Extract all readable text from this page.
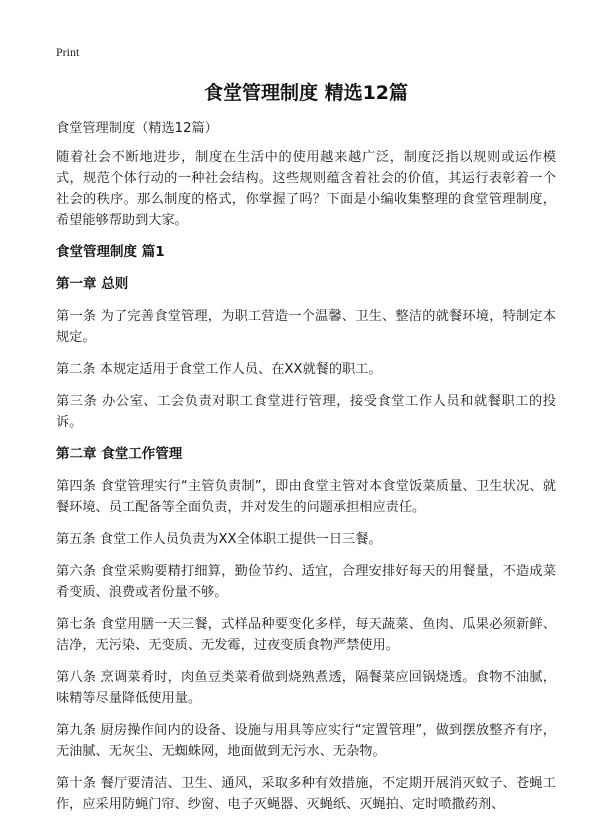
Print
食堂管理制度 精选12篇

食堂管理制度（精选12篇）

随着社会不断地进步，制度在生活中的使用越来越广泛，制度泛指以规则或运作模式，规范个体行动的一种社会结构。这些规则蕴含着社会的价值，其运行表彰着一个社会的秩序。那么制度的格式，你掌握了吗？下面是小编收集整理的食堂管理制度，希望能够帮助到大家。

食堂管理制度 篇1
第一章 总则

第一条 为了完善食堂管理，为职工营造一个温馨、卫生、整洁的就餐环境，特制定本规定。

第二条 本规定适用于食堂工作人员、在XX就餐的职工。

第三条 办公室、工会负责对职工食堂进行管理，接受食堂工作人员和就餐职工的投诉。

第二章 食堂工作管理

第四条 食堂管理实行“主管负责制”，即由食堂主管对本食堂饭菜质量、卫生状况、就餐环境、员工配备等全面负责，并对发生的问题承担相应责任。

第五条 食堂工作人员负责为XX全体职工提供一日三餐。

第六条 食堂采购要精打细算，勤俭节约、适宜，合理安排好每天的用餐量，不造成菜肴变质、浪费或者份量不够。

第七条 食堂用膳一天三餐，式样品种要变化多样，每天蔬菜、鱼肉、瓜果必须新鲜、洁净，无污染、无变质、无发霉，过夜变质食物严禁使用。

第八条 烹调菜肴时，肉鱼豆类菜肴做到烧熟煮透，隔餐菜应回锅烧透。食物不油腻，味精等尽量降低使用量。

第九条 厨房操作间内的设备、设施与用具等应实行“定置管理”，做到摆放整齐有序，无油腻、无灰尘、无蜘蛛网，地面做到无污水、无杂物。

第十条 餐厅要清洁、卫生、通风，采取多种有效措施，不定期开展消灭蚊子、苍蝇工作，应采用防蝇门帘、纱窗、电子灭蝇器、灭蝇纸、灭蝇拍、定时喷撒药剂、
